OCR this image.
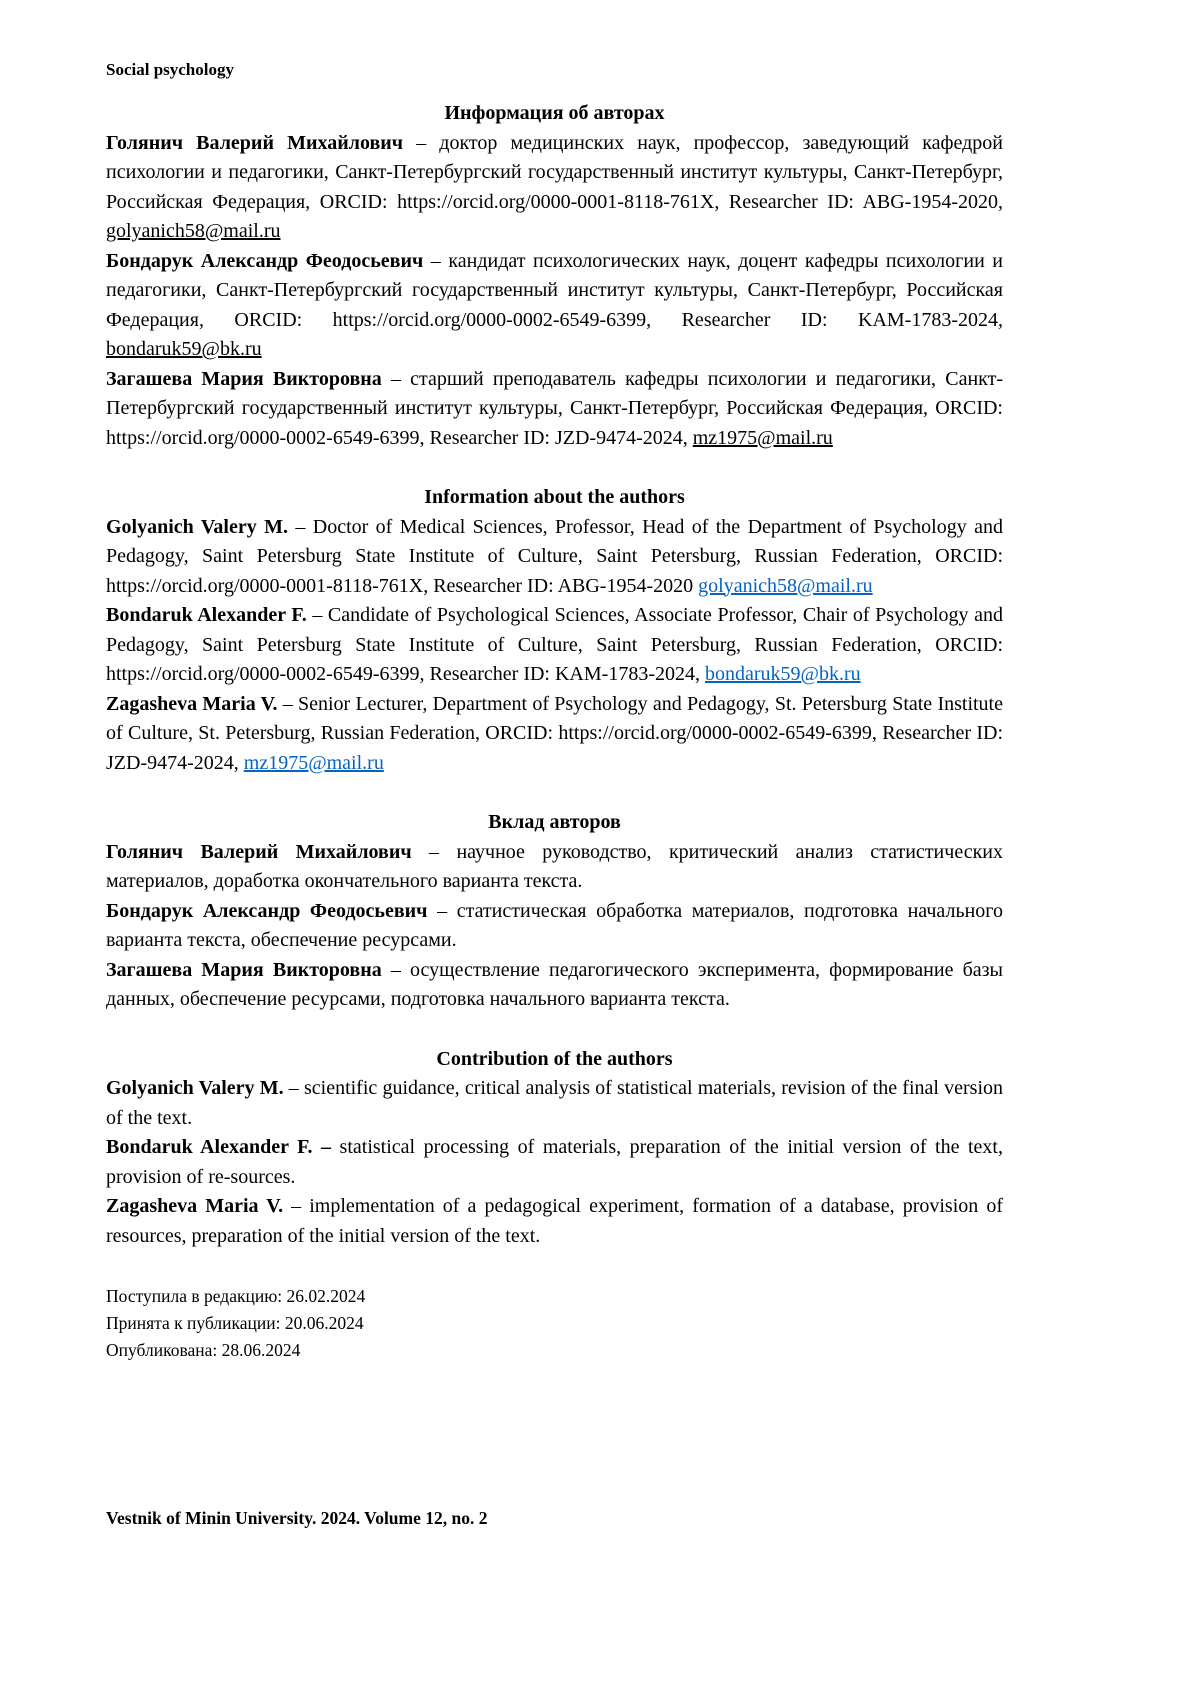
Social psychology
Информация об авторах

Голянич Валерий Михайлович – доктор медицинских наук, профессор, заведующий кафедрой психологии и педагогики, Санкт-Петербургский государственный институт культуры, Санкт-Петербург, Российская Федерация, ORCID: https://orcid.org/0000-0001-8118-761X, Researcher ID: ABG-1954-2020, golyanich58@mail.ru

Бондарук Александр Феодосьевич – кандидат психологических наук, доцент кафедры психологии и педагогики, Санкт-Петербургский государственный институт культуры, Санкт-Петербург, Российская Федерация, ORCID: https://orcid.org/0000-0002-6549-6399, Researcher ID: KAM-1783-2024, bondaruk59@bk.ru

Загашева Мария Викторовна – старший преподаватель кафедры психологии и педагогики, Санкт-Петербургский государственный институт культуры, Санкт-Петербург, Российская Федерация, ORCID: https://orcid.org/0000-0002-6549-6399, Researcher ID: JZD-9474-2024, mz1975@mail.ru

Information about the authors

Golyanich Valery M. – Doctor of Medical Sciences, Professor, Head of the Department of Psychology and Pedagogy, Saint Petersburg State Institute of Culture, Saint Petersburg, Russian Federation, ORCID: https://orcid.org/0000-0001-8118-761X, Researcher ID: ABG-1954-2020 golyanich58@mail.ru

Bondaruk Alexander F. – Candidate of Psychological Sciences, Associate Professor, Chair of Psychology and Pedagogy, Saint Petersburg State Institute of Culture, Saint Petersburg, Russian Federation, ORCID: https://orcid.org/0000-0002-6549-6399, Researcher ID: KAM-1783-2024, bondaruk59@bk.ru

Zagasheva Maria V. – Senior Lecturer, Department of Psychology and Pedagogy, St. Petersburg State Institute of Culture, St. Petersburg, Russian Federation, ORCID: https://orcid.org/0000-0002-6549-6399, Researcher ID: JZD-9474-2024, mz1975@mail.ru

Вклад авторов

Голянич Валерий Михайлович – научное руководство, критический анализ статистических материалов, доработка окончательного варианта текста.

Бондарук Александр Феодосьевич – статистическая обработка материалов, подготовка начального варианта текста, обеспечение ресурсами.

Загашева Мария Викторовна – осуществление педагогического эксперимента, формирование базы данных, обеспечение ресурсами, подготовка начального варианта текста.

Contribution of the authors

Golyanich Valery M. – scientific guidance, critical analysis of statistical materials, revision of the final version of the text.

Bondaruk Alexander F. – statistical processing of materials, preparation of the initial version of the text, provision of re-sources.

Zagasheva Maria V. – implementation of a pedagogical experiment, formation of a database, provision of resources, preparation of the initial version of the text.

Поступила в редакцию: 26.02.2024
Принята к публикации: 20.06.2024
Опубликована: 28.06.2024
Vestnik of Minin University. 2024. Volume 12, no. 2
